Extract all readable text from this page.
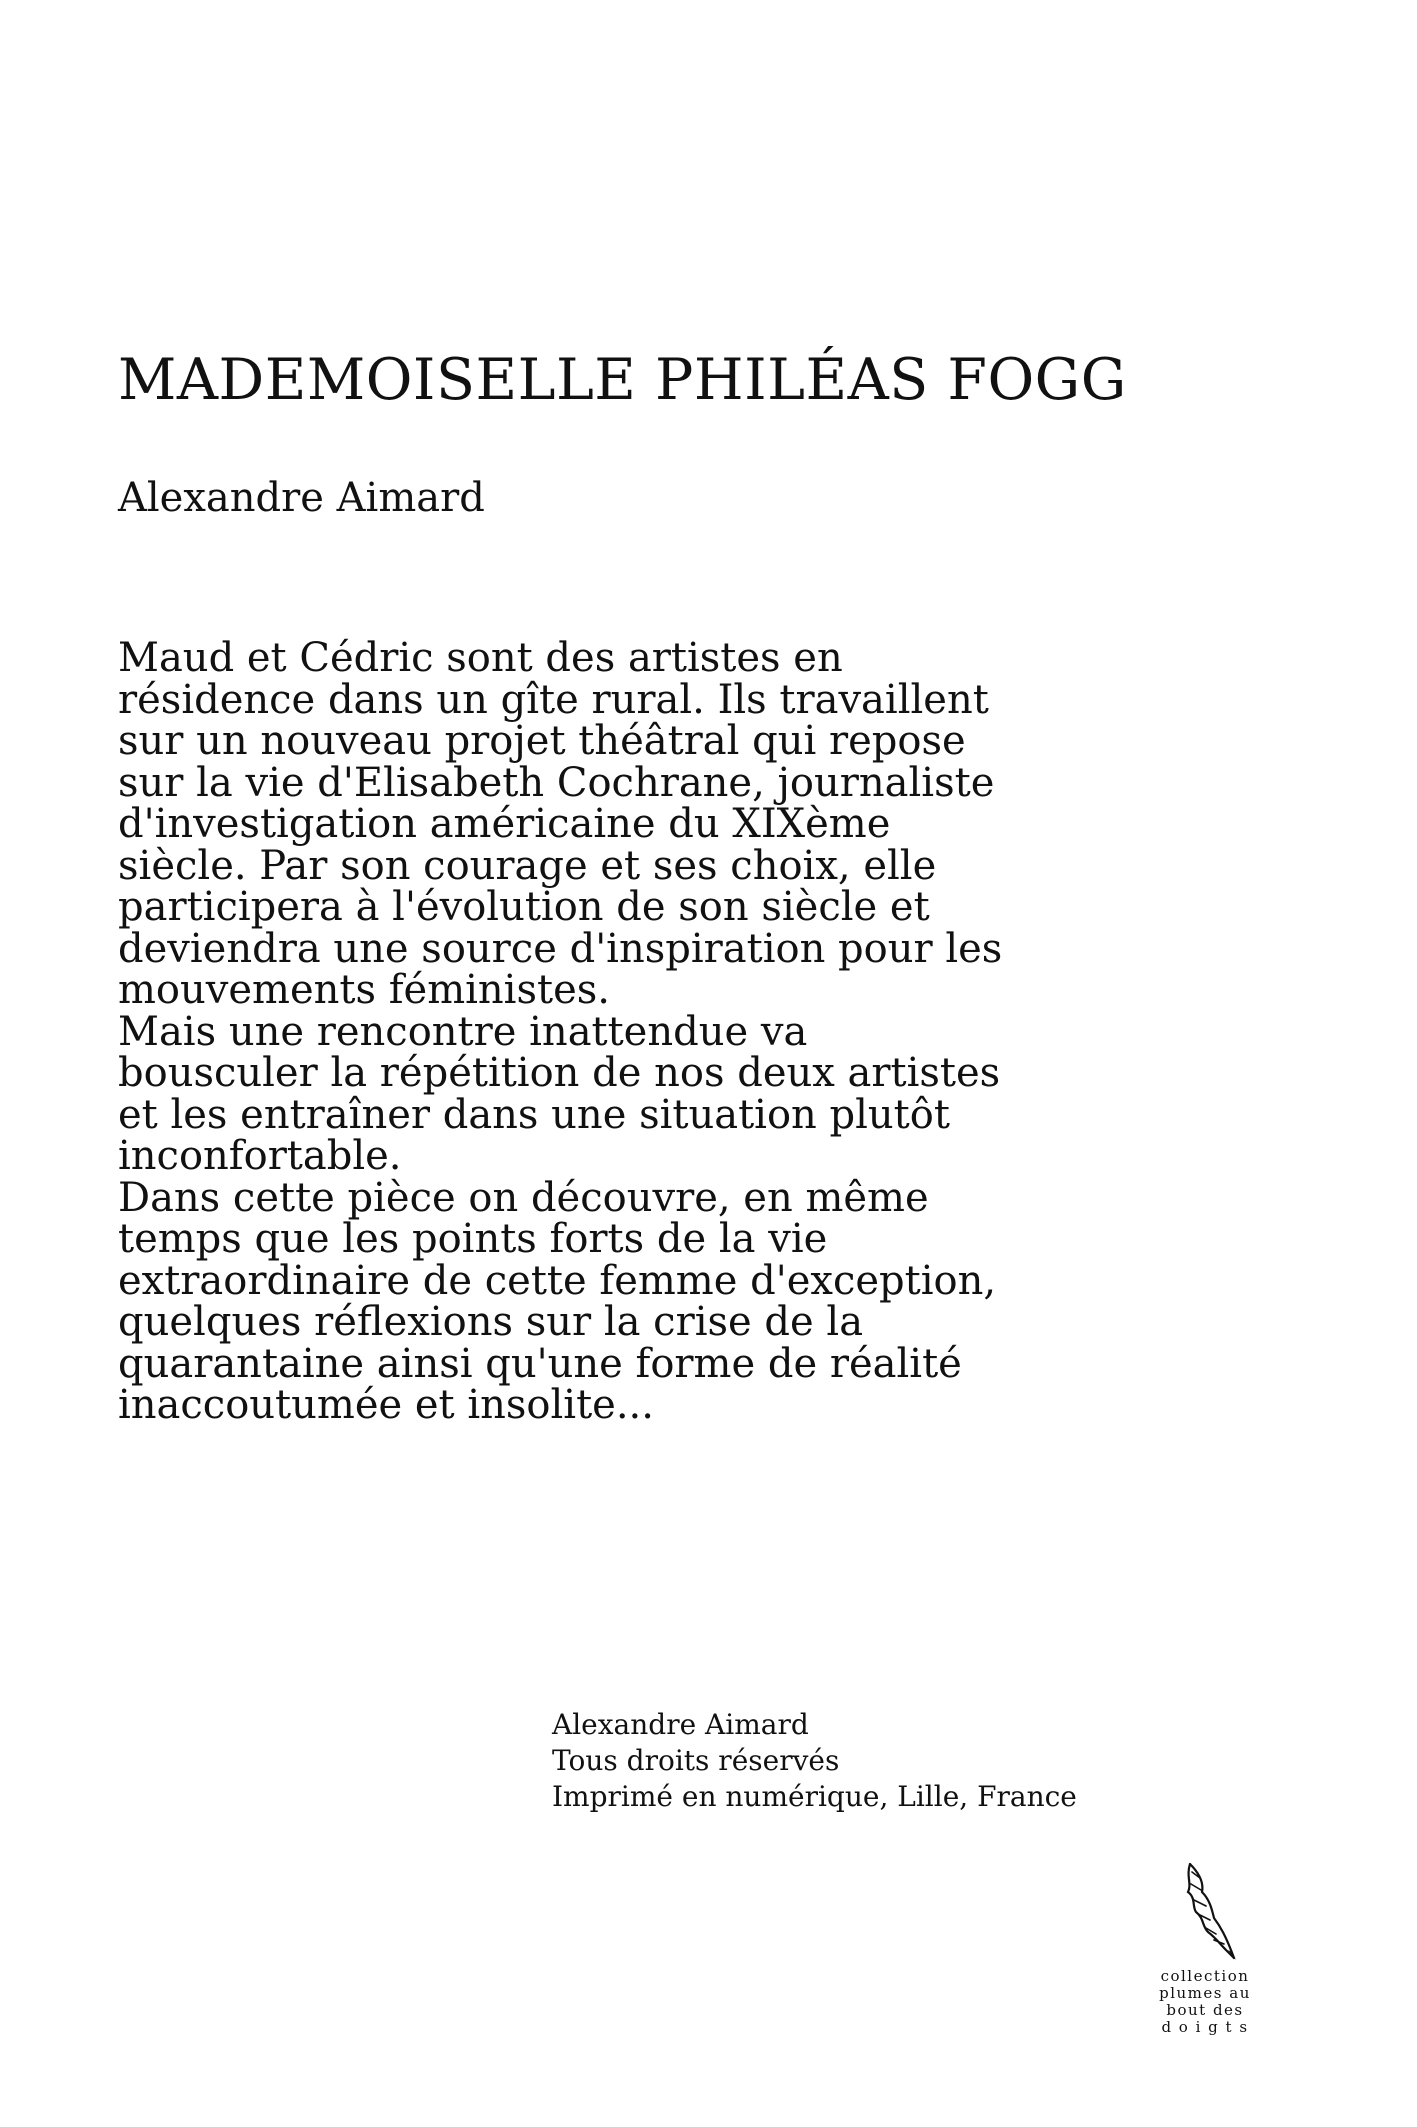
MADEMOISELLE PHILÉAS FOGG
Alexandre Aimard

Maud et Cédric sont des artistes en
résidence dans un gîte rural. Ils travaillent
sur un nouveau projet théâtral qui repose
sur la vie d'Elisabeth Cochrane, journaliste
d'investigation américaine du XIXème
siècle. Par son courage et ses choix, elle
participera à l'évolution de son siècle et
deviendra une source d'inspiration pour les
mouvements féministes.

Mais une rencontre inattendue va
bousculer la répétition de nos deux artistes
et les entraîner dans une situation plutôt
inconfortable.

Dans cette pièce on découvre, en même
temps que les points forts de la vie
extraordinaire de cette femme d'exception,
quelques réflexions sur la crise de la
quarantaine ainsi qu'une forme de réalité
inaccoutumée et insolite...

Alexandre Aimard
Tous droits réservés
Imprimé en numérique, Lille, France
collection
plumes au
bout des
d o i g t s
